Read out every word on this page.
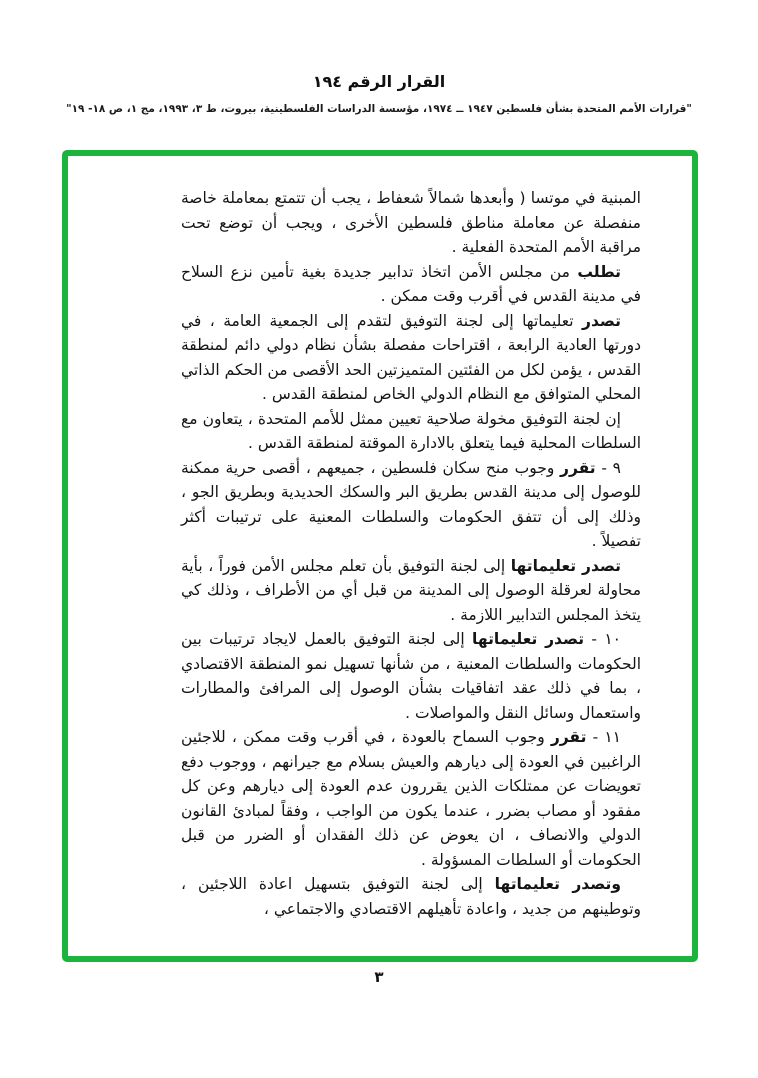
القرار الرقم ١٩٤
"قرارات الأمم المتحدة بشأن فلسطين ١٩٤٧ ــ ١٩٧٤، مؤسسة الدراسات الفلسطينية، بيروت، ط ٣، ١٩٩٣، مج ١، ص ١٨- ١٩"

المبنية في موتسا ( وأبعدها شمالاً شعفاط ، يجب أن تتمتع بمعاملة خاصة منفصلة عن معاملة مناطق فلسطين الأخرى ، ويجب أن توضع تحت مراقبة الأمم المتحدة الفعلية .

تطلب من مجلس الأمن اتخاذ تدابير جديدة بغية تأمين نزع السلاح في مدينة القدس في أقرب وقت ممكن .

تصدر تعليماتها إلى لجنة التوفيق لتقدم إلى الجمعية العامة ، في دورتها العادية الرابعة ، اقتراحات مفصلة بشأن نظام دولي دائم لمنطقة القدس ، يؤمن لكل من الفئتين المتميزتين الحد الأقصى من الحكم الذاتي المحلي المتوافق مع النظام الدولي الخاص لمنطقة القدس .

إن لجنة التوفيق مخولة صلاحية تعيين ممثل للأمم المتحدة ، يتعاون مع السلطات المحلية فيما يتعلق بالادارة الموقتة لمنطقة القدس .

٩ - تقرر وجوب منح سكان فلسطين ، جميعهم ، أقصى حرية ممكنة للوصول إلى مدينة القدس بطريق البر والسكك الحديدية وبطريق الجو ، وذلك إلى أن تتفق الحكومات والسلطات المعنية على ترتيبات أكثر تفصيلاً .

تصدر تعليماتها إلى لجنة التوفيق بأن تعلم مجلس الأمن فوراً ، بأية محاولة لعرقلة الوصول إلى المدينة من قبل أي من الأطراف ، وذلك كي يتخذ المجلس التدابير اللازمة .

١٠ - تصدر تعليماتها إلى لجنة التوفيق بالعمل لايجاد ترتيبات بين الحكومات والسلطات المعنية ، من شأنها تسهيل نمو المنطقة الاقتصادي ، بما في ذلك عقد اتفاقيات بشأن الوصول إلى المرافئ والمطارات واستعمال وسائل النقل والمواصلات .

١١ - تقرر وجوب السماح بالعودة ، في أقرب وقت ممكن ، للاجئين الراغبين في العودة إلى ديارهم والعيش بسلام مع جيرانهم ، ووجوب دفع تعويضات عن ممتلكات الذين يقررون عدم العودة إلى ديارهم وعن كل مفقود أو مصاب بضرر ، عندما يكون من الواجب ، وفقاً لمبادئ القانون الدولي والانصاف ، ان يعوض عن ذلك الفقدان أو الضرر من قبل الحكومات أو السلطات المسؤولة .

وتصدر تعليماتها إلى لجنة التوفيق بتسهيل اعادة اللاجئين ، وتوطينهم من جديد ، واعادة تأهيلهم الاقتصادي والاجتماعي ،

٣
